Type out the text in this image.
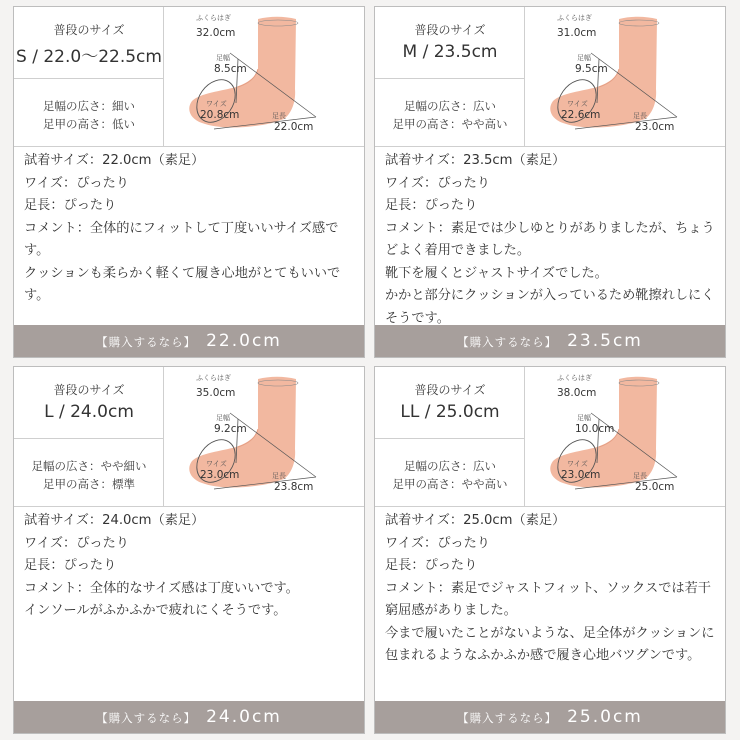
普段のサイズ
S / 22.0〜22.5cm
足幅の広さ：細い
足甲の高さ：低い
ふくらはぎ
32.0cm
足幅
8.5cm
ワイズ
20.8cm	足長
22.0cm
試着サイズ：22.0cm（素足）
ワイズ：ぴったり
足長：ぴったり
コメント：全体的にフィットして丁度いいサイズ感です。
クッションも柔らかく軽くて履き心地がとてもいいです。
【購入するなら】 22.0cm
普段のサイズ
M / 23.5cm
足幅の広さ：広い
足甲の高さ：やや高い
ふくらはぎ
31.0cm
足幅
9.5cm
ワイズ
22.6cm	足長
23.0cm
試着サイズ：23.5cm（素足）
ワイズ：ぴったり
足長：ぴったり
コメント：素足では少しゆとりがありましたが、ちょうどよく着用できました。
靴下を履くとジャストサイズでした。
かかと部分にクッションが入っているため靴擦れしにくそうです。
【購入するなら】 23.5cm
普段のサイズ
L / 24.0cm
足幅の広さ：やや細い
足甲の高さ：標準
ふくらはぎ
35.0cm
足幅
9.2cm
ワイズ
23.0cm	足長
23.8cm
試着サイズ：24.0cm（素足）
ワイズ：ぴったり
足長：ぴったり
コメント：全体的なサイズ感は丁度いいです。
インソールがふかふかで疲れにくそうです。
【購入するなら】 24.0cm
普段のサイズ
LL / 25.0cm
足幅の広さ：広い
足甲の高さ：やや高い
ふくらはぎ
38.0cm
足幅
10.0cm
ワイズ
23.0cm	足長
25.0cm
試着サイズ：25.0cm（素足）
ワイズ：ぴったり
足長：ぴったり
コメント：素足でジャストフィット、ソックスでは若干窮屈感がありました。
今まで履いたことがないような、足全体がクッションに包まれるようなふかふか感で履き心地バツグンです。
【購入するなら】 25.0cm
